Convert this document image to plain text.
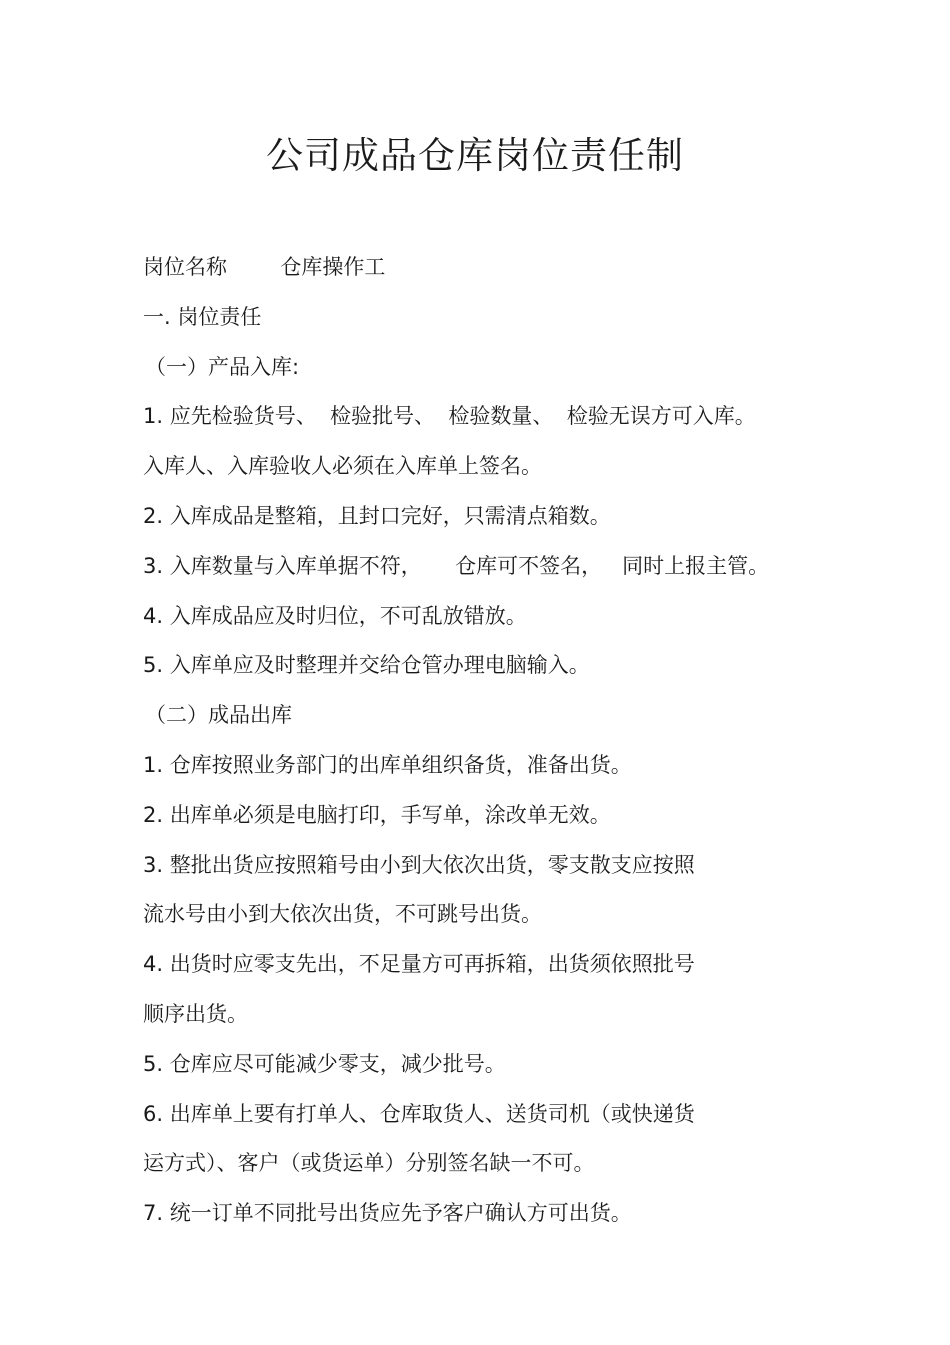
公司成品仓库岗位责任制
岗位名称        仓库操作工
一. 岗位责任
（一）产品入库:
1. 应先检验货号、  检验批号、  检验数量、  检验无误方可入库。
入库人、入库验收人必须在入库单上签名。
2. 入库成品是整箱，且封口完好，只需清点箱数。
3. 入库数量与入库单据不符，     仓库可不签名，   同时上报主管。
4. 入库成品应及时归位，不可乱放错放。
5. 入库单应及时整理并交给仓管办理电脑输入。
（二）成品出库
1. 仓库按照业务部门的出库单组织备货，准备出货。
2. 出库单必须是电脑打印，手写单，涂改单无效。
3. 整批出货应按照箱号由小到大依次出货，零支散支应按照
流水号由小到大依次出货，不可跳号出货。
4. 出货时应零支先出，不足量方可再拆箱，出货须依照批号
顺序出货。
5. 仓库应尽可能减少零支，减少批号。
6. 出库单上要有打单人、仓库取货人、送货司机（或快递货
运方式）、客户（或货运单）分别签名缺一不可。
7. 统一订单不同批号出货应先予客户确认方可出货。
